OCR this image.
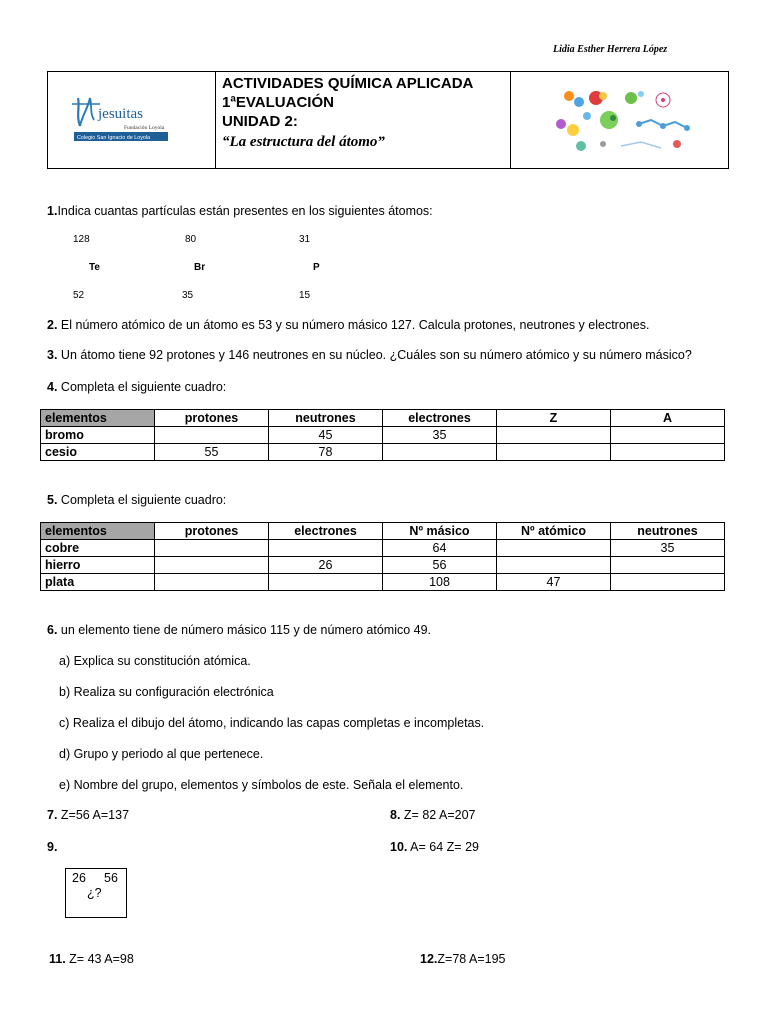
Lidia Esther Herrera López
jesuitas
Fundación Loyola
Colegio San Ignacio de Loyola
ACTIVIDADES QUÍMICA APLICADA
1ªEVALUACIÓN
UNIDAD 2:
“La estructura del átomo”
1.Indica cuantas partículas están presentes en los siguientes átomos:
128
Te
52
80
Br
35
31
P
15
2. El número atómico de un átomo es 53 y su número másico 127. Calcula protones, neutrones y electrones.
3. Un átomo tiene 92 protones y 146 neutrones en su núcleo. ¿Cuáles son su número atómico y su número másico?
4. Completa el siguiente cuadro:
elementos	protones	neutrones	electrones	Z	A
bromo		45	35		
cesio	55	78			
5. Completa el siguiente cuadro:
elementos	protones	electrones	Nº másico	Nº atómico	neutrones
cobre			64		35
hierro		26	56		
plata			108	47	
6. un elemento tiene de número másico 115 y de número atómico 49.
a) Explica su constitución atómica.
b) Realiza su configuración electrónica
c) Realiza el dibujo del átomo, indicando las capas completas e incompletas.
d) Grupo y periodo al que pertenece.
e) Nombre del grupo, elementos y símbolos de este. Señala el elemento.
7. Z=56 A=137	8. Z= 82 A=207
9.	10. A= 64 Z= 29
26 56
¿?
11. Z= 43 A=98	12.Z=78 A=195
